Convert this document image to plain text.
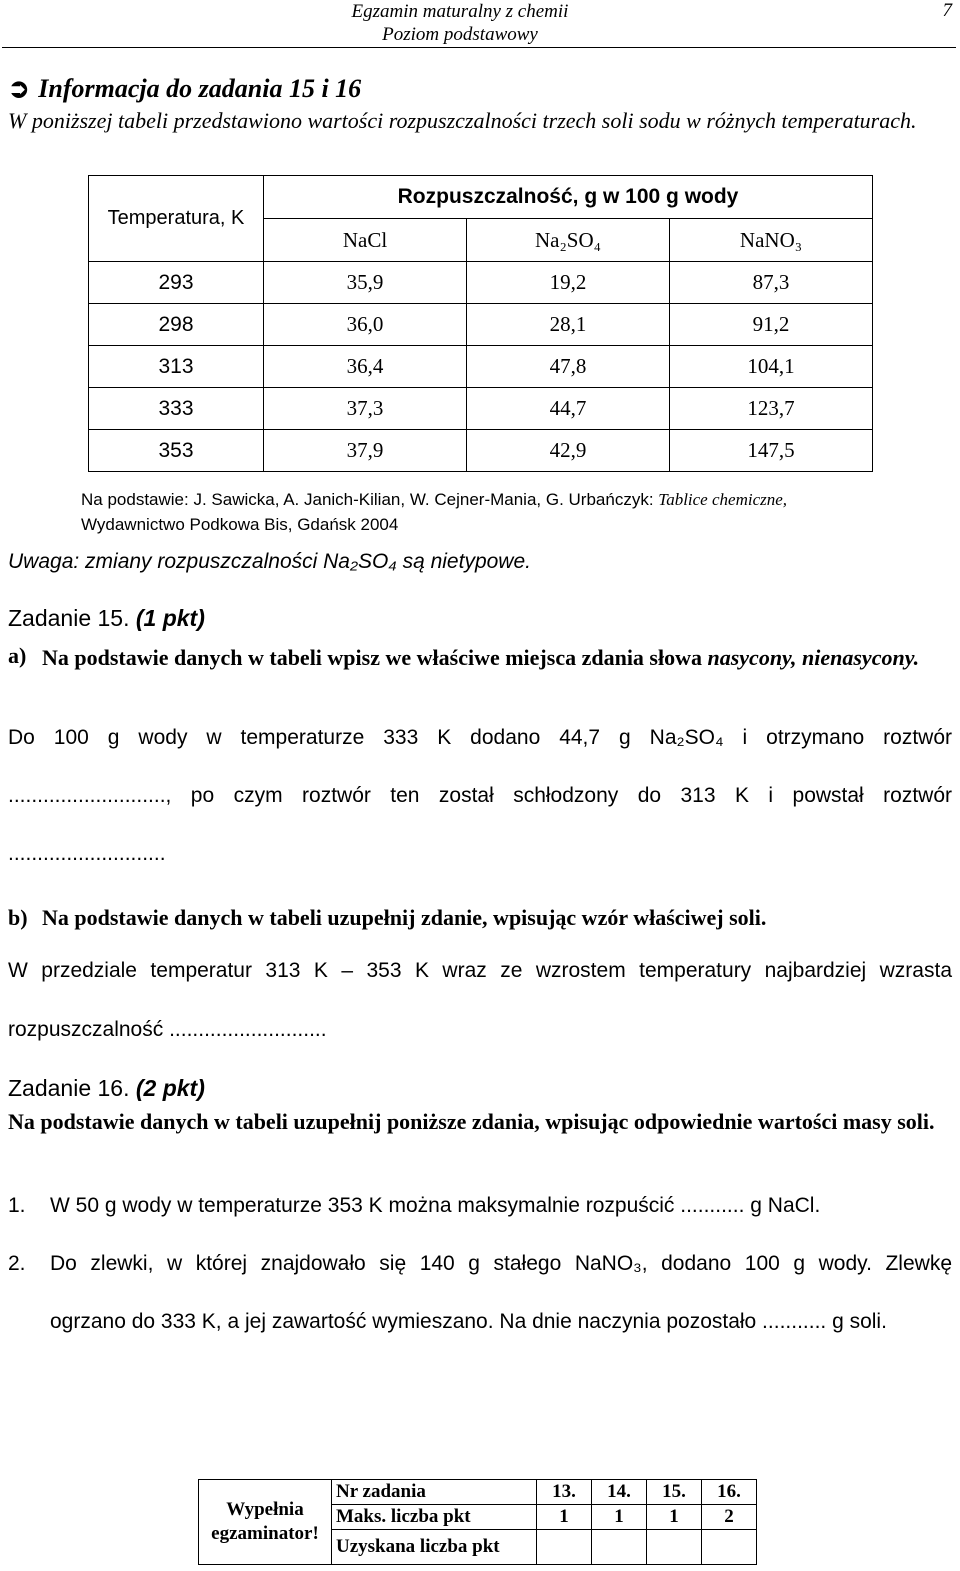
Egzamin maturalny z chemii
Poziom podstawowy
7
➲ Informacja do zadania 15 i 16
W poniższej tabeli przedstawiono wartości rozpuszczalności trzech soli sodu w różnych temperaturach.
Temperatura, K	Rozpuszczalność, g w 100 g wody		
	NaCl	Na₂SO₄	NaNO₃
293	35,9	19,2	87,3
298	36,0	28,1	91,2
313	36,4	47,8	104,1
333	37,3	44,7	123,7
353	37,9	42,9	147,5
Na podstawie: J. Sawicka, A. Janich-Kilian, W. Cejner-Mania, G. Urbańczyk: Tablice chemiczne,
Wydawnictwo Podkowa Bis, Gdańsk 2004
Uwaga: zmiany rozpuszczalności Na₂SO₄ są nietypowe.
Zadanie 15. (1 pkt)
a) Na podstawie danych w tabeli wpisz we właściwe miejsca zdania słowa nasycony, nienasycony.
Do 100 g wody w temperaturze 333 K dodano 44,7 g Na₂SO₄ i otrzymano roztwór
..........................., po czym roztwór ten został schłodzony do 313 K i powstał roztwór
...........................
b) Na podstawie danych w tabeli uzupełnij zdanie, wpisując wzór właściwej soli.
W przedziale temperatur 313 K – 353 K wraz ze wzrostem temperatury najbardziej wzrasta
rozpuszczalność ...........................
Zadanie 16. (2 pkt)
Na podstawie danych w tabeli uzupełnij poniższe zdania, wpisując odpowiednie wartości masy soli.
1. W 50 g wody w temperaturze 353 K można maksymalnie rozpuścić ........... g NaCl.
2. Do zlewki, w której znajdowało się 140 g stałego NaNO₃, dodano 100 g wody. Zlewkę
ogrzano do 333 K, a jej zawartość wymieszano. Na dnie naczynia pozostało ........... g soli.
Wypełnia egzaminator!	Nr zadania	13.	14.	15.	16.
	Maks. liczba pkt	1	1	1	2
	Uzyskana liczba pkt				
